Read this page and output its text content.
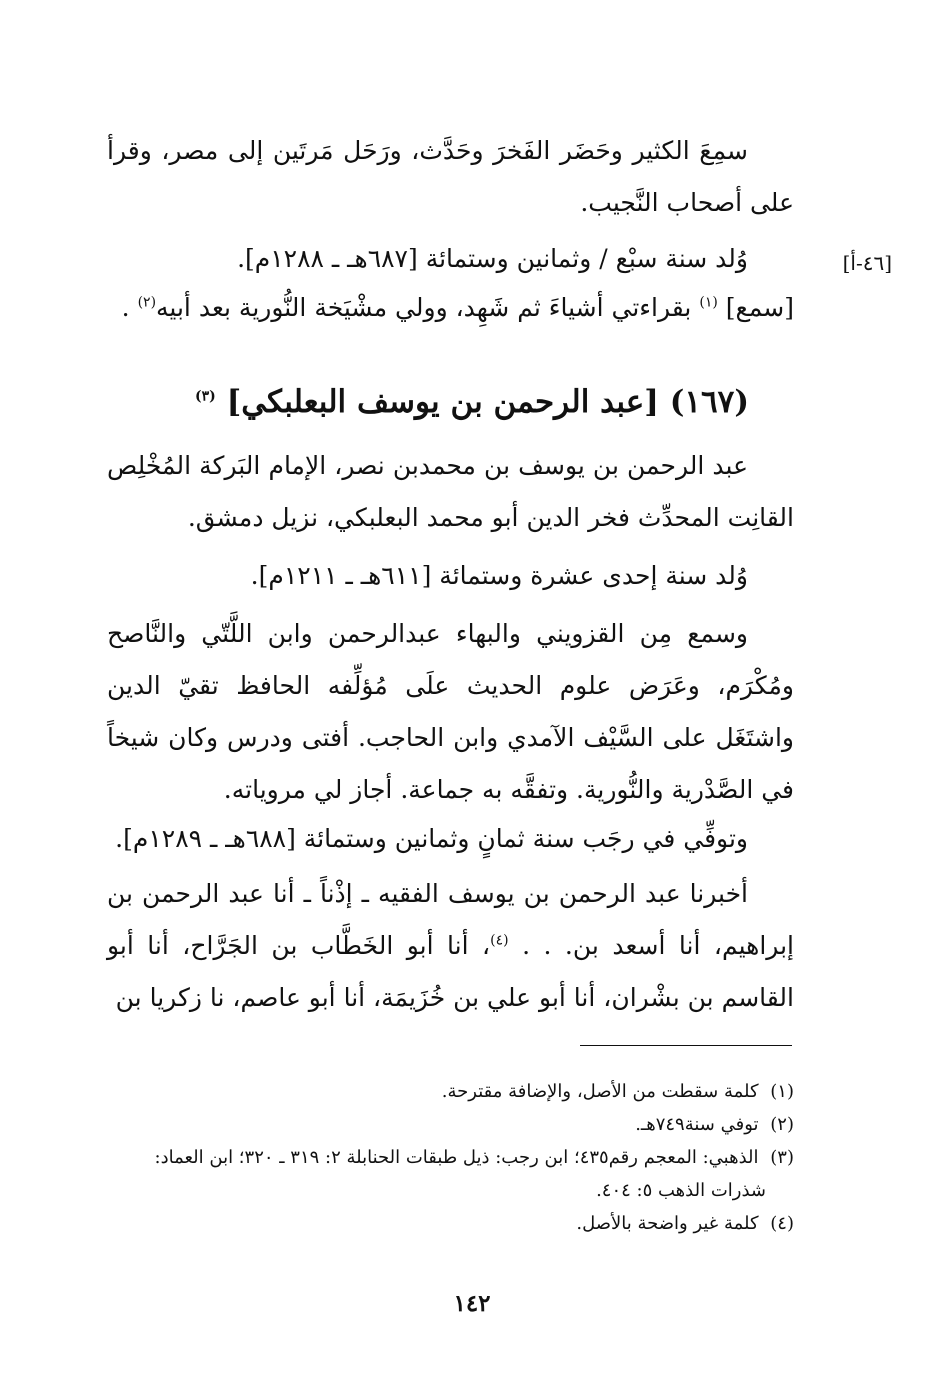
سمِعَ الكثير وحَضَر الفَخرَ وحَدَّث، ورَحَل مَرتَين إلى مصر، وقرأ على أصحاب النَّجيب.
[٤٦-أ]
وُلد سنة سبْع / وثمانين وستمائة [٦٨٧هـ ـ ١٢٨٨م].
[سمع] $^{(١)}$ بقراءتي أشياءَ ثم شَهِد، وولي مشْيَخة النُّورية بعد أبيه$^{(٢)}$ .
(١٦٧) [عبد الرحمن بن يوسف البعلبكي] $^{(٣)}$
عبد الرحمن بن يوسف بن محمدبن نصر، الإمام البَركة المُخْلِص القانِت المحدِّث فخر الدين أبو محمد البعلبكي، نزيل دمشق.
وُلد سنة إحدى عشرة وستمائة [٦١١هـ ـ ١٢١١م].
وسمع مِن القزويني والبهاء عبدالرحمن وابن اللَّتّي والنَّاصح ومُكْرَم، وعَرَض علوم الحديث علَى مُؤلِّفه الحافظ تقيّ الدين واشتَغَل على السَّيْف الآمدي وابن الحاجب. أفتى ودرس وكان شيخاً في الصَّدْرية والنُّورية. وتفقَّه به جماعة. أجاز لي مروياته.
وتوفِّي في رجَب سنة ثمانٍ وثمانين وستمائة [٦٨٨هـ ـ ١٢٨٩م].
أخبرنا عبد الرحمن بن يوسف الفقيه ـ إذْناً ـ أنا عبد الرحمن بن إبراهيم، أنا أسعد بن. . . $^{(٤)}$، أنا أبو الخَطَّاب بن الجَرَّاح، أنا أبو القاسم بن بشْران، أنا أبو علي بن خُزَيمَة، أنا أبو عاصم، نا زكريا بن

(١) كلمة سقطت من الأصل، والإضافة مقترحة.

(٢) توفي سنة٧٤٩هـ.

(٣) الذهبي: المعجم رقم٤٣٥؛ ابن رجب: ذيل طبقات الحنابلة ٢: ٣١٩ ـ ٣٢٠؛ ابن العماد:

شذرات الذهب ٥: ٤٠٤.

(٤) كلمة غير واضحة بالأصل.

١٤٢
